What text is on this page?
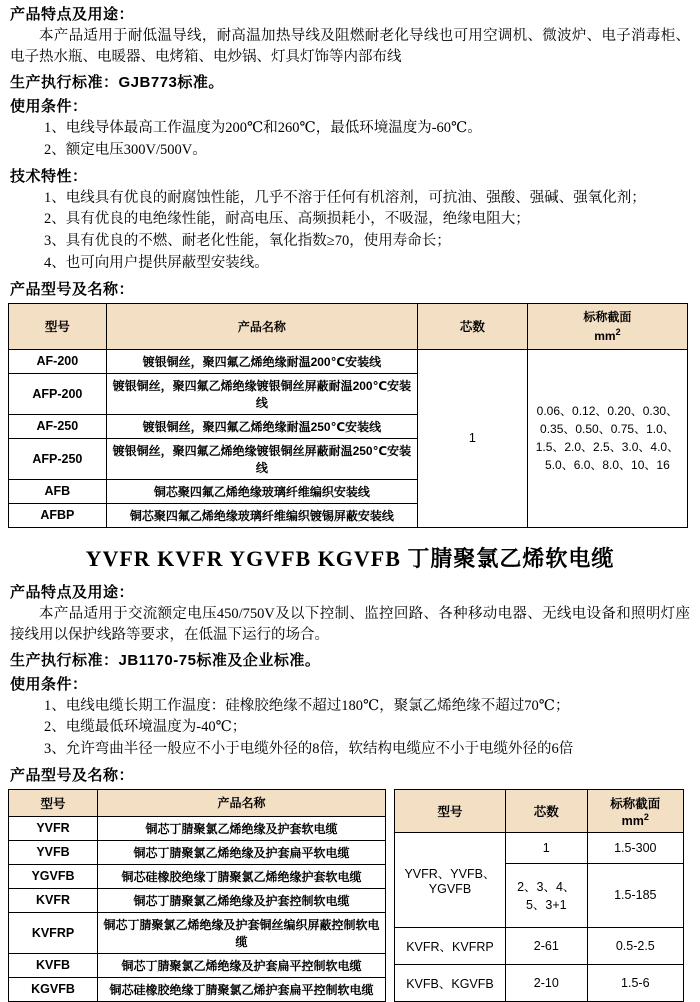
产品特点及用途：
本产品适用于耐低温导线，耐高温加热导线及阻燃耐老化导线也可用空调机、微波炉、电子消毒柜、电子热水瓶、电暖器、电烤箱、电炒锅、灯具灯饰等内部布线
生产执行标准：GJB773标准。
使用条件：
1、电线导体最高工作温度为200℃和260℃，最低环境温度为-60℃。
2、额定电压300V/500V。
技术特性：
1、电线具有优良的耐腐蚀性能，几乎不溶于任何有机溶剂，可抗油、强酸、强碱、强氧化剂；
2、具有优良的电绝缘性能，耐高电压、高频损耗小，不吸湿，绝缘电阻大；
3、具有优良的不燃、耐老化性能，氧化指数≥70，使用寿命长；
4、也可向用户提供屏蔽型安装线。
产品型号及名称：
型号	产品名称	芯数	标称截面
$mm^2$

AF-200	镀银铜丝，聚四氟乙烯绝缘耐温200℃安装线	1	0.06、0.12、0.20、0.30、0.35、0.50、0.75、1.0、1.5、2.0、2.5、3.0、4.0、5.0、6.0、8.0、10、16
AFP-200	镀银铜丝，聚四氟乙烯绝缘镀银铜丝屏蔽耐温200℃安装线		
AF-250	镀银铜丝，聚四氟乙烯绝缘耐温250℃安装线		
AFP-250	镀银铜丝，聚四氟乙烯绝缘镀银铜丝屏蔽耐温250℃安装线		
AFB	铜芯聚四氟乙烯绝缘玻璃纤维编织安装线		
AFBP	铜芯聚四氟乙烯绝缘玻璃纤维编织镀锡屏蔽安装线		
YVFR KVFR YGVFB KGVFB 丁腈聚氯乙烯软电缆
产品特点及用途：
本产品适用于交流额定电压450/750V及以下控制、监控回路、各种移动电器、无线电设备和照明灯座接线用以保护线路等要求，在低温下运行的场合。
生产执行标准：JB1170-75标准及企业标准。
使用条件：
1、电线电缆长期工作温度：硅橡胶绝缘不超过180℃，聚氯乙烯绝缘不超过70℃；
2、电缆最低环境温度为-40℃；
3、允许弯曲半径一般应不小于电缆外径的8倍，软结构电缆应不小于电缆外径的6倍
产品型号及名称：
型号	产品名称
YVFR	铜芯丁腈聚氯乙烯绝缘及护套软电缆
YVFB	铜芯丁腈聚氯乙烯绝缘及护套扁平软电缆
YGVFB	铜芯硅橡胶绝缘丁腈聚氯乙烯绝缘护套软电缆
KVFR	铜芯丁腈聚氯乙烯绝缘及护套控制软电缆
KVFRP	铜芯丁腈聚氯乙烯绝缘及护套铜丝编织屏蔽控制软电缆
KVFB	铜芯丁腈聚氯乙烯绝缘及护套扁平控制软电缆
KGVFB	铜芯硅橡胶绝缘丁腈聚氯乙烯护套扁平控制软电缆
型号	芯数	标称截面
$mm^2$

YVFR、YVFB、YGVFB	1	1.5-300
	2、3、4、5、3+1	1.5-185
KVFR、KVFRP	2-61	0.5-2.5
KVFB、KGVFB	2-10	1.5-6
